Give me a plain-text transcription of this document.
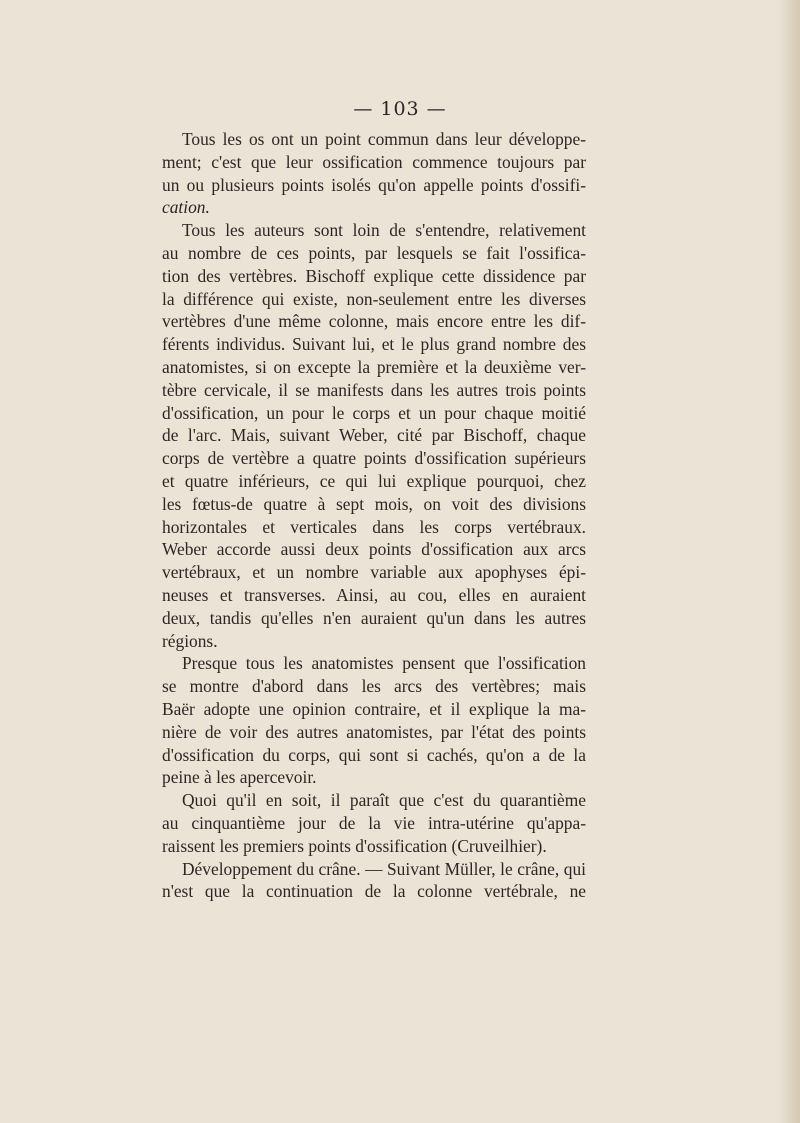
— 103 —

Tous les os ont un point commun dans leur développe-
ment; c'est que leur ossification commence toujours par
un ou plusieurs points isolés qu'on appelle points d'ossifi-
cation.

Tous les auteurs sont loin de s'entendre, relativement
au nombre de ces points, par lesquels se fait l'ossifica-
tion des vertèbres. Bischoff explique cette dissidence par
la différence qui existe, non-seulement entre les diverses
vertèbres d'une même colonne, mais encore entre les dif-
férents individus. Suivant lui, et le plus grand nombre des
anatomistes, si on excepte la première et la deuxième ver-
tèbre cervicale, il se manifests dans les autres trois points
d'ossification, un pour le corps et un pour chaque moitié
de l'arc. Mais, suivant Weber, cité par Bischoff, chaque
corps de vertèbre a quatre points d'ossification supérieurs
et quatre inférieurs, ce qui lui explique pourquoi, chez
les fœtus-de quatre à sept mois, on voit des divisions
horizontales et verticales dans les corps vertébraux.
Weber accorde aussi deux points d'ossification aux arcs
vertébraux, et un nombre variable aux apophyses épi-
neuses et transverses. Ainsi, au cou, elles en auraient
deux, tandis qu'elles n'en auraient qu'un dans les autres
régions.

Presque tous les anatomistes pensent que l'ossification
se montre d'abord dans les arcs des vertèbres; mais
Baër adopte une opinion contraire, et il explique la ma-
nière de voir des autres anatomistes, par l'état des points
d'ossification du corps, qui sont si cachés, qu'on a de la
peine à les apercevoir.

Quoi qu'il en soit, il paraît que c'est du quarantième
au cinquantième jour de la vie intra-utérine qu'appa-
raissent les premiers points d'ossification (Cruveilhier).

Développement du crâne. — Suivant Müller, le crâne, qui
n'est que la continuation de la colonne vertébrale, ne
